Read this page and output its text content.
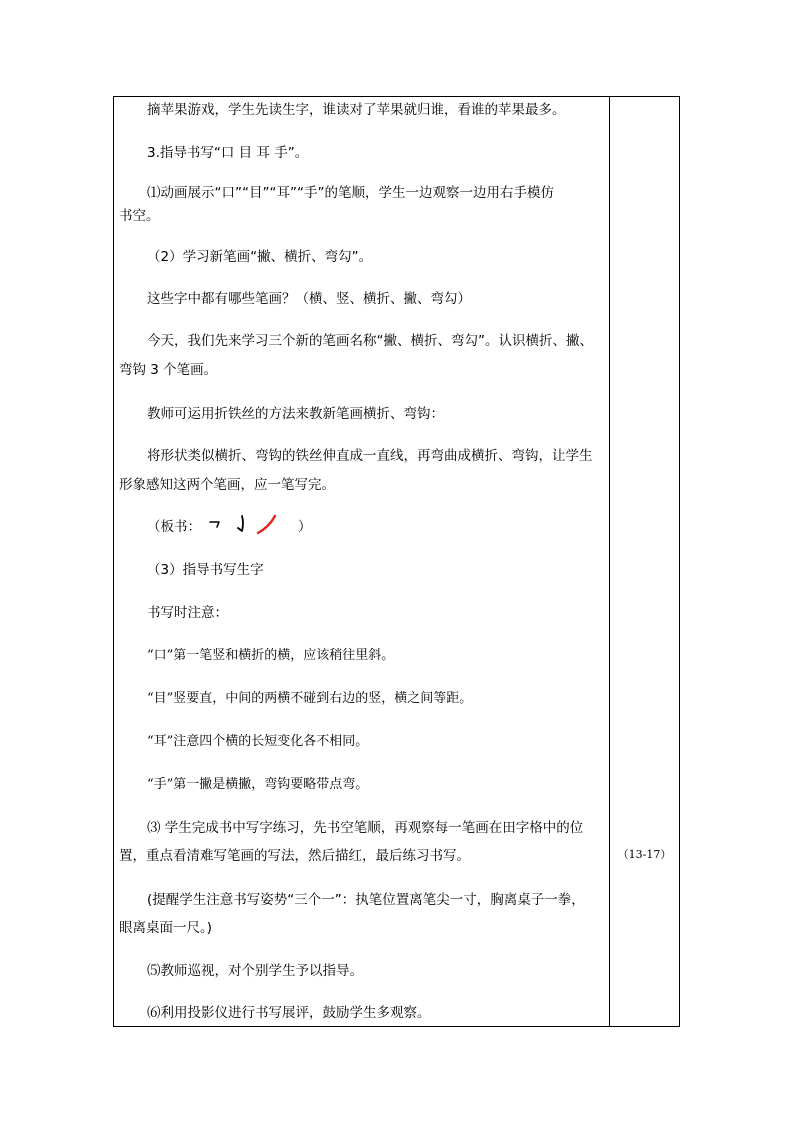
摘苹果游戏，学生先读生字，谁读对了苹果就归谁，看谁的苹果最多。
3.指导书写“口 目 耳 手”。
⑴动画展示“口”“目”“耳”“手”的笔顺，学生一边观察一边用右手模仿
书空。
（2）学习新笔画“撇、横折、弯勾”。
这些字中都有哪些笔画？（横、竖、横折、撇、弯勾）
今天，我们先来学习三个新的笔画名称“撇、横折、弯勾”。认识横折、撇、
弯钩 3 个笔画。
教师可运用折铁丝的方法来教新笔画横折、弯钩：
将形状类似横折、弯钩的铁丝伸直成一直线，再弯曲成横折、弯钩，让学生
形象感知这两个笔画，应一笔写完。
（板书：	）
（3）指导书写生字
书写时注意：
“口”第一笔竖和横折的横，应该稍往里斜。
“目”竖要直，中间的两横不碰到右边的竖，横之间等距。
“耳”注意四个横的长短变化各不相同。
“手”第一撇是横撇，弯钩要略带点弯。
⑶ 学生完成书中写字练习，先书空笔顺，再观察每一笔画在田字格中的位
置，重点看清难写笔画的写法，然后描红，最后练习书写。
(提醒学生注意书写姿势“三个一”：执笔位置离笔尖一寸，胸离桌子一拳，
眼离桌面一尺。)
⑸教师巡视，对个别学生予以指导。
⑹利用投影仪进行书写展评，鼓励学生多观察。
（13-17）
